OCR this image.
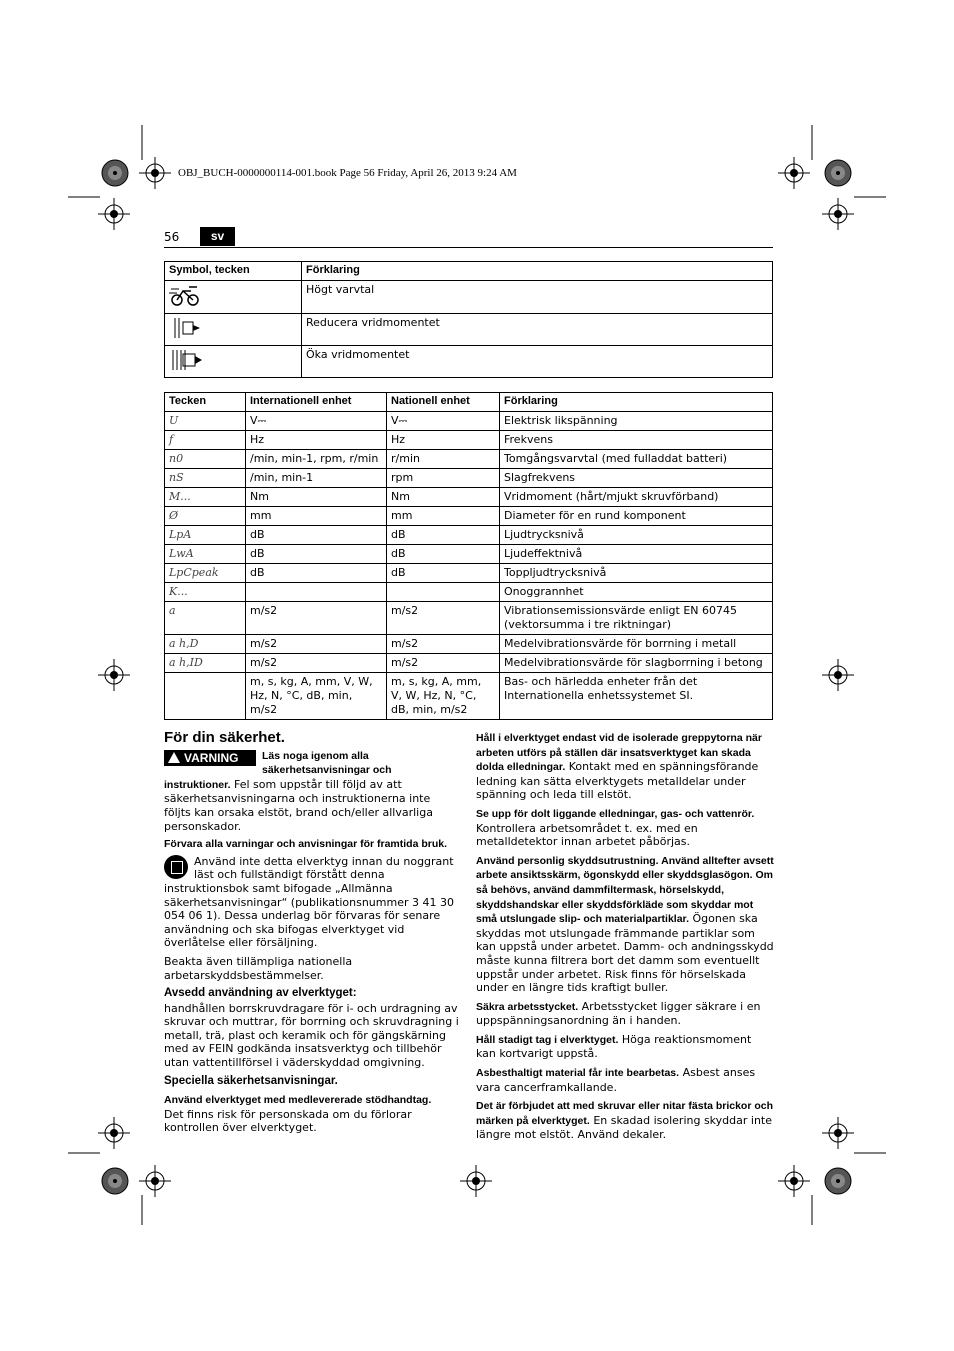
OBJ_BUCH-0000000114-001.book Page 56 Friday, April 26, 2013 9:24 AM
56	sv
Symbol, tecken	Förklaring
	Högt varvtal
	Reducera vridmomentet
	Öka vridmomentet
Tecken	Internationell enhet	Nationell enhet	Förklaring
U	V⎓	V⎓	Elektrisk likspänning
f	Hz	Hz	Frekvens
n0	/min, min-1, rpm, r/min	r/min	Tomgångsvarvtal (med fulladdat batteri)
nS	/min, min-1	rpm	Slagfrekvens
M...	Nm	Nm	Vridmoment (hårt/mjukt skruvförband)
Ø	mm	mm	Diameter för en rund komponent
LpA	dB	dB	Ljudtrycksnivå
LwA	dB	dB	Ljudeffektnivå
LpCpeak	dB	dB	Toppljudtrycksnivå
K...			Onoggrannhet
a	m/s2	m/s2	Vibrationsemissionsvärde enligt EN 60745 (vektorsumma i tre riktningar)
a h,D	m/s2	m/s2	Medelvibrationsvärde för borrning i metall
a h,ID	m/s2	m/s2	Medelvibrationsvärde för slagborrning i betong
	m, s, kg, A, mm, V, W, Hz, N, °C, dB, min, m/s2	m, s, kg, A, mm, V, W, Hz, N, °C, dB, min, m/s2	Bas- och härledda enheter från det Internationella enhetssystemet SI.
För din säkerhet.

VARNING	Läs noga igenom alla säkerhetsanvisningar och instruktioner. Fel som uppstår till följd av att säkerhetsanvisningarna och instruktionerna inte följts kan orsaka elstöt, brand och/eller allvarliga personskador.

Förvara alla varningar och anvisningar för framtida bruk.

Använd inte detta elverktyg innan du noggrant läst och fullständigt förstått denna instruktionsbok samt bifogade „Allmänna säkerhetsanvisningar“ (publikationsnummer 3 41 30 054 06 1). Dessa underlag bör förvaras för senare användning och ska bifogas elverktyget vid överlåtelse eller försäljning.

Beakta även tillämpliga nationella arbetarskyddsbestämmelser.

Avsedd användning av elverktyget:

handhållen borrskruvdragare för i- och urdragning av skruvar och muttrar, för borrning och skruvdragning i metall, trä, plast och keramik och för gängskärning med av FEIN godkända insatsverktyg och tillbehör utan vattentillförsel i väderskyddad omgivning.

Speciella säkerhetsanvisningar.

Använd elverktyget med medlevererade stödhandtag.
Det finns risk för personskada om du förlorar kontrollen över elverktyget.

Håll i elverktyget endast vid de isolerade greppytorna när arbeten utförs på ställen där insatsverktyget kan skada dolda elledningar. Kontakt med en spänningsförande ledning kan sätta elverktygets metalldelar under spänning och leda till elstöt.

Se upp för dolt liggande elledningar, gas- och vattenrör. Kontrollera arbetsområdet t. ex. med en metalldetektor innan arbetet påbörjas.

Använd personlig skyddsutrustning. Använd alltefter avsett arbete ansiktsskärm, ögonskydd eller skyddsglasögon. Om så behövs, använd dammfiltermask, hörselskydd, skyddshandskar eller skyddsförkläde som skyddar mot små utslungade slip- och materialpartiklar. Ögonen ska skyddas mot utslungade främmande partiklar som kan uppstå under arbetet. Damm- och andningsskydd måste kunna filtrera bort det damm som eventuellt uppstår under arbetet. Risk finns för hörselskada under en längre tids kraftigt buller.

Säkra arbetsstycket. Arbetsstycket ligger säkrare i en uppspänningsanordning än i handen.

Håll stadigt tag i elverktyget. Höga reaktionsmoment kan kortvarigt uppstå.

Asbesthaltigt material får inte bearbetas. Asbest anses vara cancerframkallande.

Det är förbjudet att med skruvar eller nitar fästa brickor och märken på elverktyget. En skadad isolering skyddar inte längre mot elstöt. Använd dekaler.
